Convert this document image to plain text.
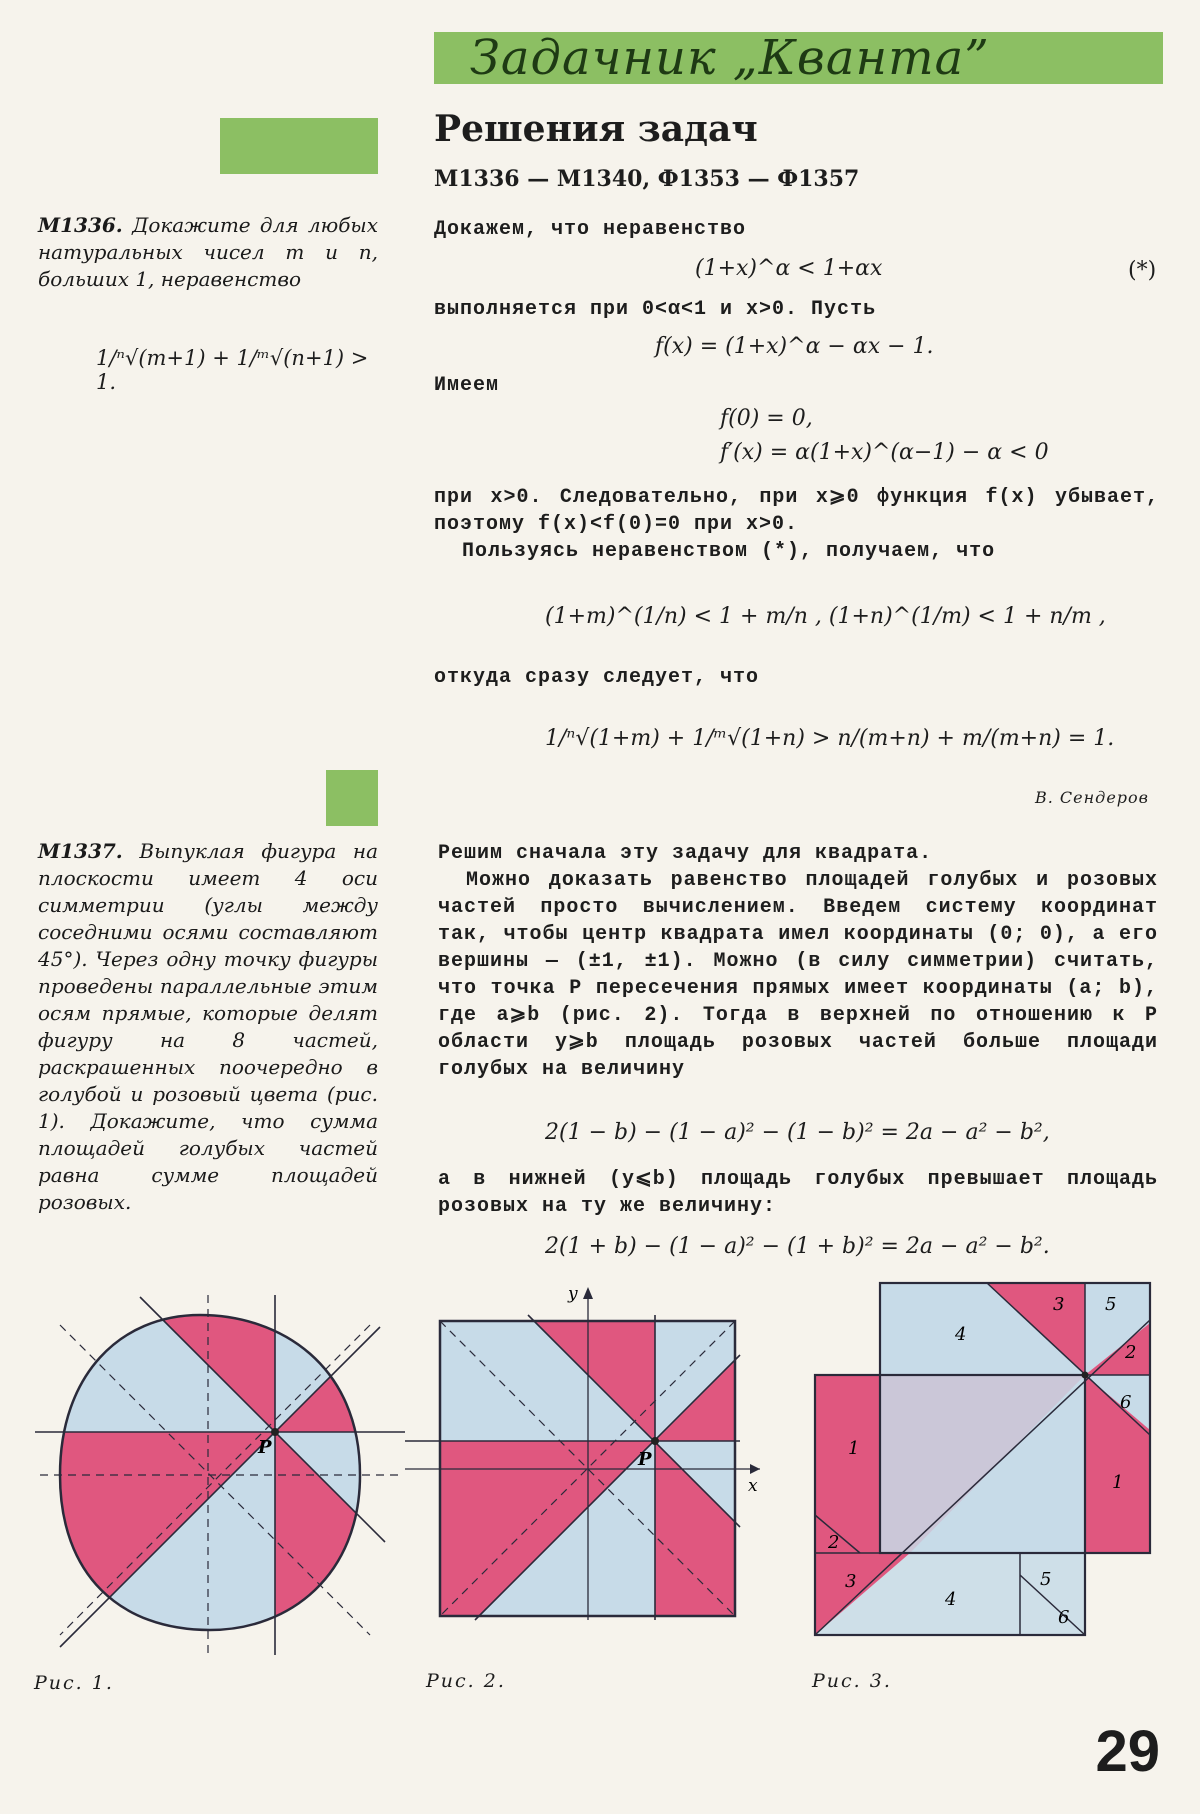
Задачник „Кванта”
Решения задач
М1336 — М1340, Ф1353 — Ф1357
М1336. Докажите для любых натуральных чисел m и n, больших 1, неравенство
1/ⁿ√(m+1) + 1/ᵐ√(n+1) > 1.
Докажем, что неравенство
(1+x)^α < 1+αx	(*)
выполняется при 0<α<1 и x>0. Пусть
f(x) = (1+x)^α − αx − 1.
Имеем
f(0) = 0,
f′(x) = α(1+x)^(α−1) − α < 0
при x>0. Следовательно, при x⩾0 функция f(x) убывает, поэтому f(x)<f(0)=0 при x>0.
Пользуясь неравенством (*), получаем, что
(1+m)^(1/n) < 1 + m/n , (1+n)^(1/m) < 1 + n/m ,
откуда сразу следует, что
1/ⁿ√(1+m) + 1/ᵐ√(1+n) > n/(m+n) + m/(m+n) = 1.
В. Сендеров
М1337. Выпуклая фигура на плоскости имеет 4 оси симметрии (углы между соседними осями составляют 45°). Через одну точку фигуры проведены параллельные этим осям прямые, которые делят фигуру на 8 частей, раскрашенных поочередно в голубой и розовый цвета (рис. 1). Докажите, что сумма площадей голубых частей равна сумме площадей розовых.
Решим сначала эту задачу для квадрата.
Можно доказать равенство площадей голубых и розовых частей просто вычислением. Введем систему координат так, чтобы центр квадрата имел координаты (0; 0), а его вершины — (±1, ±1). Можно (в силу симметрии) считать, что точка P пересечения прямых имеет координаты (a; b), где a⩾b (рис. 2). Тогда в верхней по отношению к P области y⩾b площадь розовых частей больше площади голубых на величину
2(1 − b) − (1 − a)² − (1 − b)² = 2a − a² − b²,
а в нижней (y⩽b) площадь голубых превышает площадь розовых на ту же величину:
2(1 + b) − (1 − a)² − (1 + b)² = 2a − a² − b².
P
P
x
y	3 5
2
4
6
1
1
2
3
4
5
6
Рис. 1.	Рис. 2.	Рис. 3.
29
